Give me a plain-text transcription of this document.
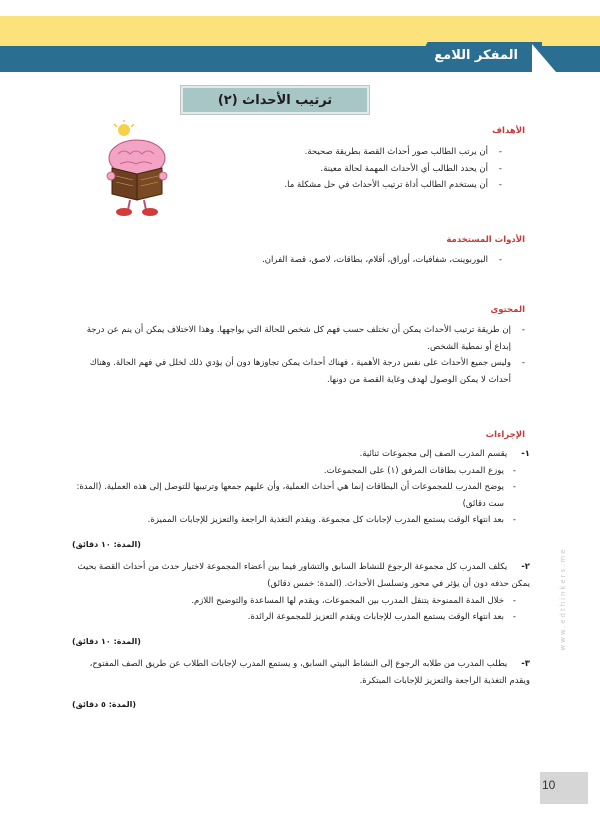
المفكر اللامع
ترتيب الأحداث (٢)
الأهداف
- أن يرتب الطالب صور أحداث القصة بطريقة صحيحة.
- أن يحدد الطالب أي الأحداث المهمة لحالة معينة.
- أن يستخدم الطالب أداة ترتيب الأحداث في حل مشكلة ما.
الأدوات المستخدمة
- البوربوينت، شفافيات، أوراق، أقلام، بطاقات، لاصق، قصة الفران.
المحتوى
- إن طريقة ترتيب الأحداث يمكن أن تختلف حسب فهم كل شخص للحالة التي يواجهها. وهذا الاختلاف يمكن أن ينم عن درجة إبداع أو نمطية الشخص.
- وليس جميع الأحداث على نفس درجة الأهمية ، فهناك أحداث يمكن تجاوزها دون أن يؤدي ذلك لخلل في فهم الحالة. وهناك أحداث لا يمكن الوصول لهدف وغاية القصة من دونها.
الإجراءات

١- يقسم المدرب الصف إلى مجموعات ثنائية.

- يوزع المدرب بطاقات المرفق (١) على المجموعات.
- يوضح المدرب للمجموعات أن البطاقات إنما هي أحداث العملية، وأن عليهم جمعها وترتيبها للتوصل إلى هذه العملية. (المدة: ست دقائق)
- بعد انتهاء الوقت يستمع المدرب لإجابات كل مجموعة. ويقدم التغذية الراجعة والتعزيز للإجابات المميزة.
(المدة: ١٠ دقائق)

٢- يكلف المدرب كل مجموعة الرجوع للنشاط السابق والتشاور فيما بين أعضاء المجموعة لاختيار حدث من أحداث القصة بحيث يمكن حذفه دون أن يؤثر في محور وتسلسل الأحداث. (المدة: خمس دقائق)

- خلال المدة الممنوحة يتنقل المدرب بين المجموعات، ويقدم لها المساعدة والتوضيح اللازم.
- بعد انتهاء الوقت يستمع المدرب للإجابات ويقدم التعزيز للمجموعة الرائدة.
(المدة: ١٠ دقائق)

٣- يطلب المدرب من طلابه الرجوع إلى النشاط البيتي السابق، و يستمع المدرب لإجابات الطلاب عن طريق الصف المفتوح، ويقدم التغذية الراجعة والتعزيز للإجابات المبتكرة.

(المدة: ٥ دقائق)
www.edthinkers.me
10
